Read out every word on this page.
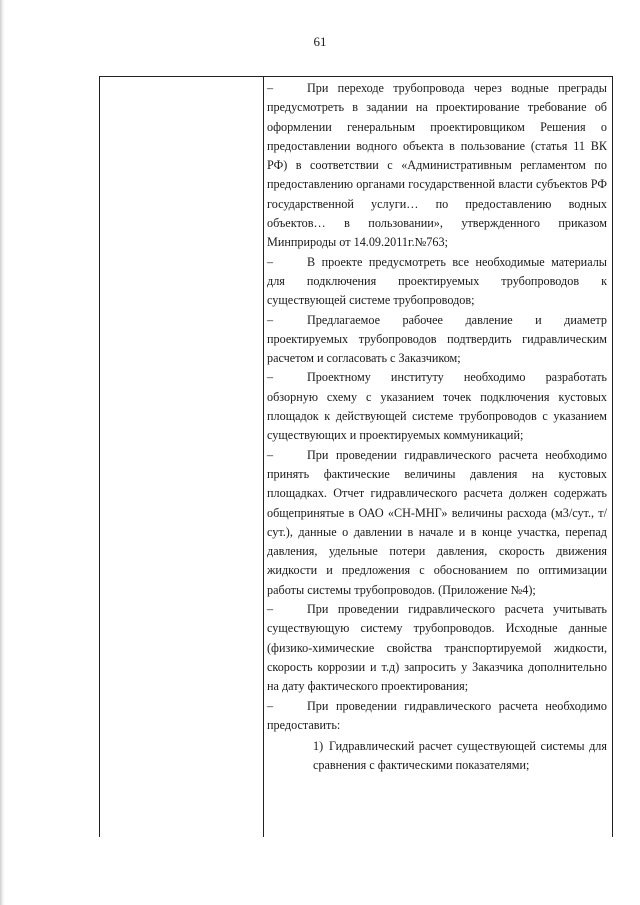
61

–	При переходе трубопровода через водные преграды предусмотреть в задании на проектирование требование об оформлении генеральным проектировщиком Решения о предоставлении водного объекта в пользование (статья 11 ВК РФ) в соответствии с «Административным регламентом по предоставлению органами государственной власти субъектов РФ государственной услуги… по предоставлению водных объектов… в пользовании», утвержденного приказом Минприроды от 14.09.2011г.№763;

–	В проекте предусмотреть все необходимые материалы для подключения проектируемых трубопроводов к существующей системе трубопроводов;

–	Предлагаемое рабочее давление и диаметр проектируемых трубопроводов подтвердить гидравлическим расчетом и согласовать с Заказчиком;

–	Проектному институту необходимо разработать обзорную схему с указанием точек подключения кустовых площадок к действующей системе трубопроводов с указанием существующих и проектируемых коммуникаций;

–	При проведении гидравлического расчета необходимо принять фактические величины давления на кустовых площадках. Отчет гидравлического расчета должен содержать общепринятые в ОАО «СН-МНГ» величины расхода (м3/сут., т/сут.), данные о давлении в начале и в конце участка, перепад давления, удельные потери давления, скорость движения жидкости и предложения с обоснованием по оптимизации работы системы трубопроводов. (Приложение №4);

–	При проведении гидравлического расчета учитывать существующую систему трубопроводов. Исходные данные (физико-химические свойства транспортируемой жидкости, скорость коррозии и т.д) запросить у Заказчика дополнительно на дату фактического проектирования;

–	При проведении гидравлического расчета необходимо предоставить:

1) Гидравлический расчет существующей системы для сравнения с фактическими показателями;
